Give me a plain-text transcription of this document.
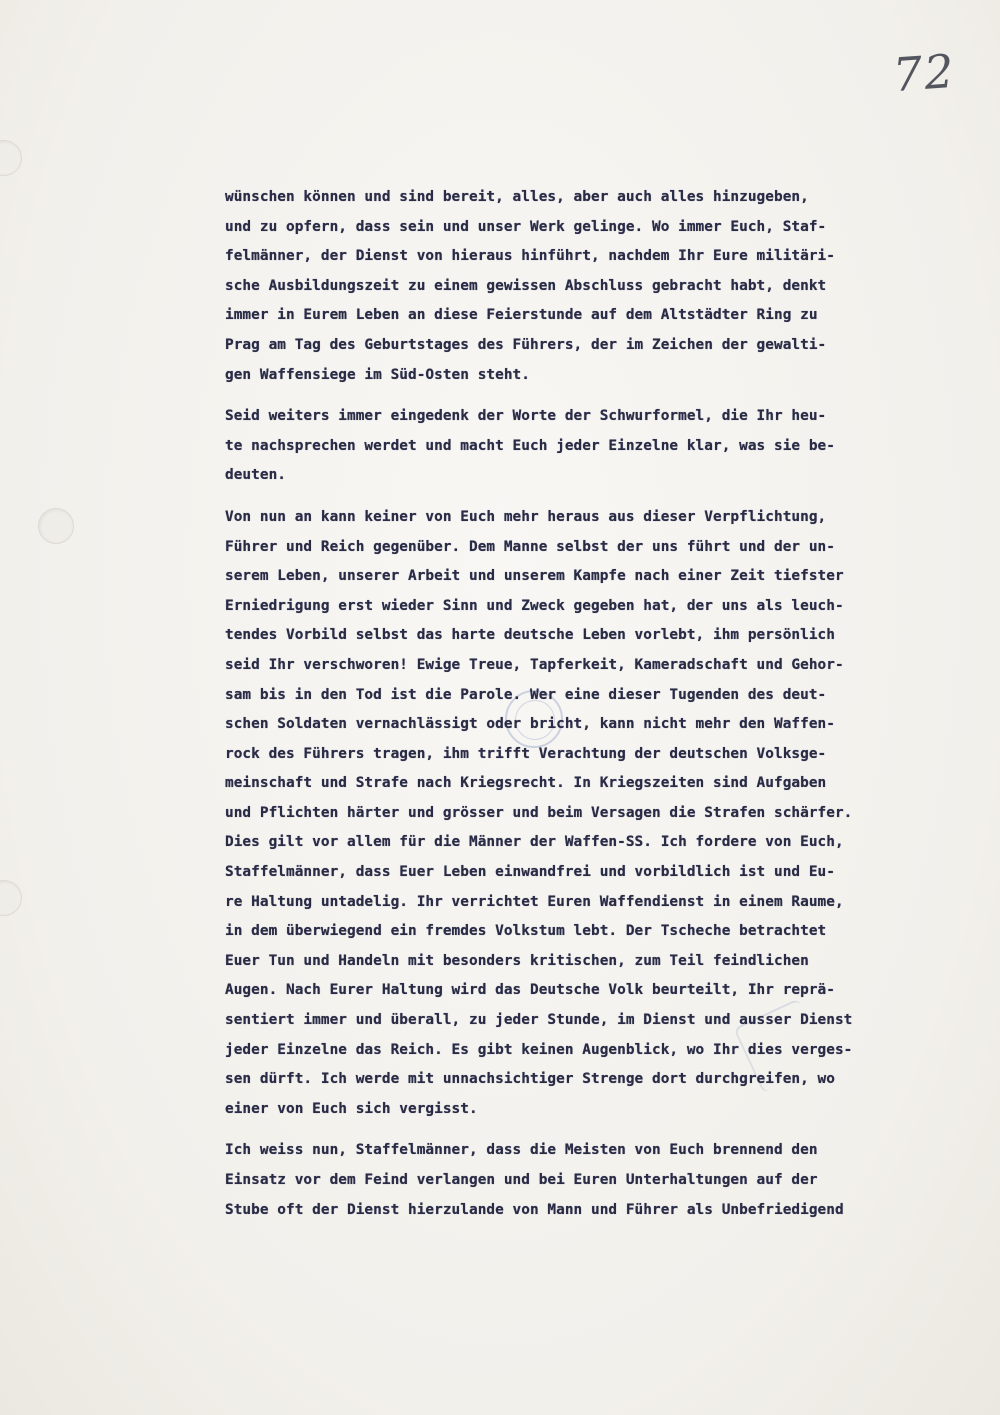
72

wünschen können und sind bereit, alles, aber auch alles hinzugeben,
und zu opfern, dass sein und unser Werk gelinge. Wo immer Euch, Staf-
felmänner, der Dienst von hieraus hinführt, nachdem Ihr Eure militäri-
sche Ausbildungszeit zu einem gewissen Abschluss gebracht habt, denkt
immer in Eurem Leben an diese Feierstunde auf dem Altstädter Ring zu
Prag am Tag des Geburtstages des Führers, der im Zeichen der gewalti-
gen Waffensiege im Süd-Osten steht.
Seid weiters immer eingedenk der Worte der Schwurformel, die Ihr heu-
te nachsprechen werdet und macht Euch jeder Einzelne klar, was sie be-
deuten.
Von nun an kann keiner von Euch mehr heraus aus dieser Verpflichtung,
Führer und Reich gegenüber. Dem Manne selbst der uns führt und der un-
serem Leben, unserer Arbeit und unserem Kampfe nach einer Zeit tiefster
Erniedrigung erst wieder Sinn und Zweck gegeben hat, der uns als leuch-
tendes Vorbild selbst das harte deutsche Leben vorlebt, ihm persönlich
seid Ihr verschworen! Ewige Treue, Tapferkeit, Kameradschaft und Gehor-
sam bis in den Tod ist die Parole. Wer eine dieser Tugenden des deut-
schen Soldaten vernachlässigt oder bricht, kann nicht mehr den Waffen-
rock des Führers tragen, ihm trifft Verachtung der deutschen Volksge-
meinschaft und Strafe nach Kriegsrecht. In Kriegszeiten sind Aufgaben
und Pflichten härter und grösser und beim Versagen die Strafen schärfer.
Dies gilt vor allem für die Männer der Waffen-SS. Ich fordere von Euch,
Staffelmänner, dass Euer Leben einwandfrei und vorbildlich ist und Eu-
re Haltung untadelig. Ihr verrichtet Euren Waffendienst in einem Raume,
in dem überwiegend ein fremdes Volkstum lebt. Der Tscheche betrachtet
Euer Tun und Handeln mit besonders kritischen, zum Teil feindlichen
Augen. Nach Eurer Haltung wird das Deutsche Volk beurteilt, Ihr reprä-
sentiert immer und überall, zu jeder Stunde, im Dienst und ausser Dienst
jeder Einzelne das Reich. Es gibt keinen Augenblick, wo Ihr dies verges-
sen dürft. Ich werde mit unnachsichtiger Strenge dort durchgreifen, wo
einer von Euch sich vergisst.
Ich weiss nun, Staffelmänner, dass die Meisten von Euch brennend den
Einsatz vor dem Feind verlangen und bei Euren Unterhaltungen auf der
Stube oft der Dienst hierzulande von Mann und Führer als Unbefriedigend
